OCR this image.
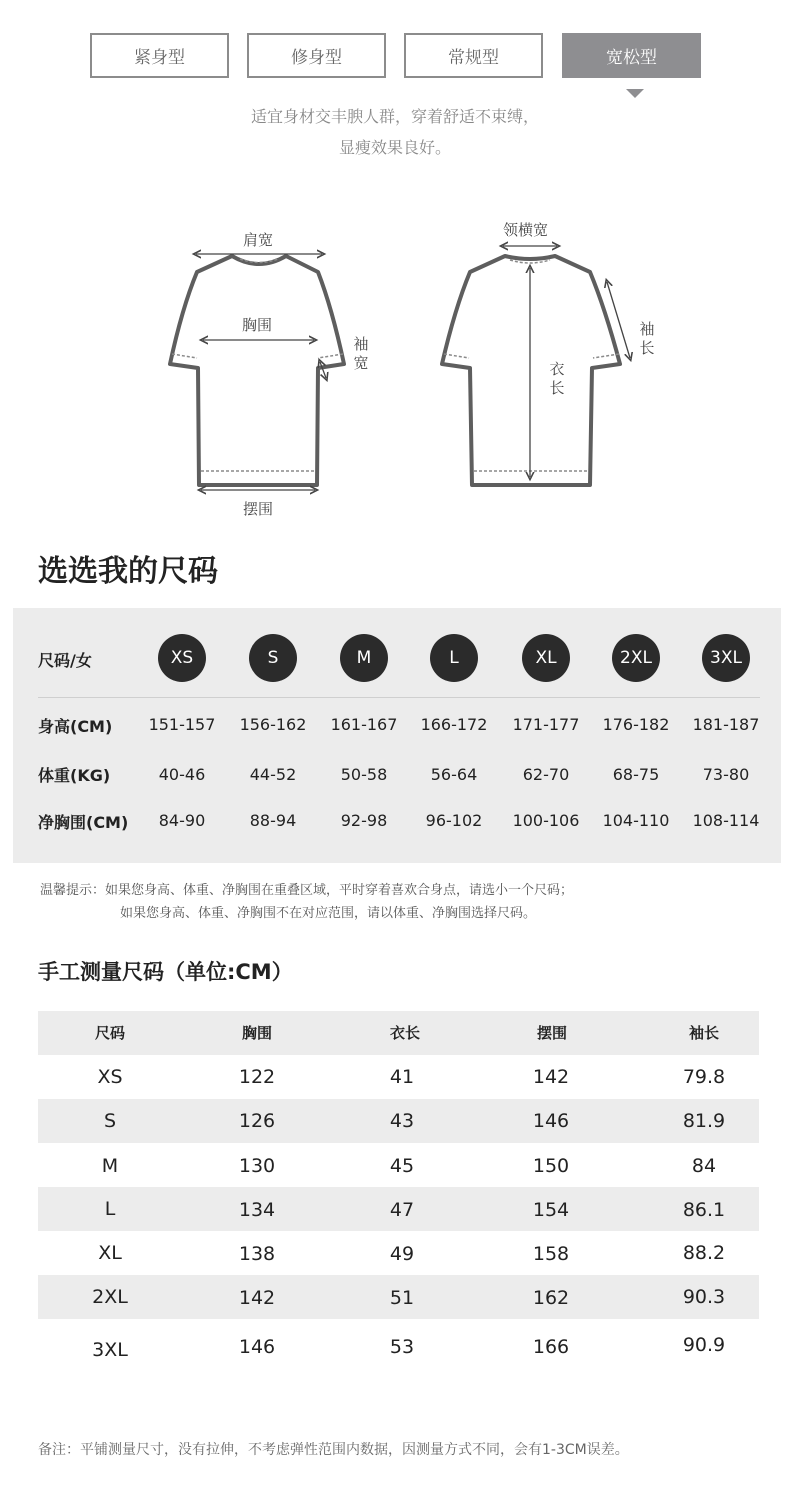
紧身型	修身型	常规型	宽松型
适宜身材交丰腴人群，穿着舒适不束缚，
显瘦效果良好。
肩宽
胸围
袖宽
摆围
领横宽
衣长
袖长
选选我的尺码
尺码/女	XS	S	M	L	XL	2XL	3XL
身高(CM)	151-157	156-162	161-167	166-172	171-177	176-182	181-187
体重(KG)	40-46	44-52	50-58	56-64	62-70	68-75	73-80
净胸围(CM)	84-90	88-94	92-98	96-102	100-106	104-110	108-114
温馨提示：如果您身高、体重、净胸围在重叠区域，平时穿着喜欢合身点，请选小一个尺码；
如果您身高、体重、净胸围不在对应范围，请以体重、净胸围选择尺码。
手工测量尺码（单位:CM）
尺码	胸围	衣长	摆围	袖长
XS	122	41	142	79.8
S	126	43	146	81.9
M	130	45	150	84
L	134	47	154	86.1
XL	138	49	158	88.2
2XL	142	51	162	90.3
3XL	146	53	166	90.9
备注：平铺测量尺寸，没有拉伸，不考虑弹性范围内数据，因测量方式不同，会有1-3CM误差。
